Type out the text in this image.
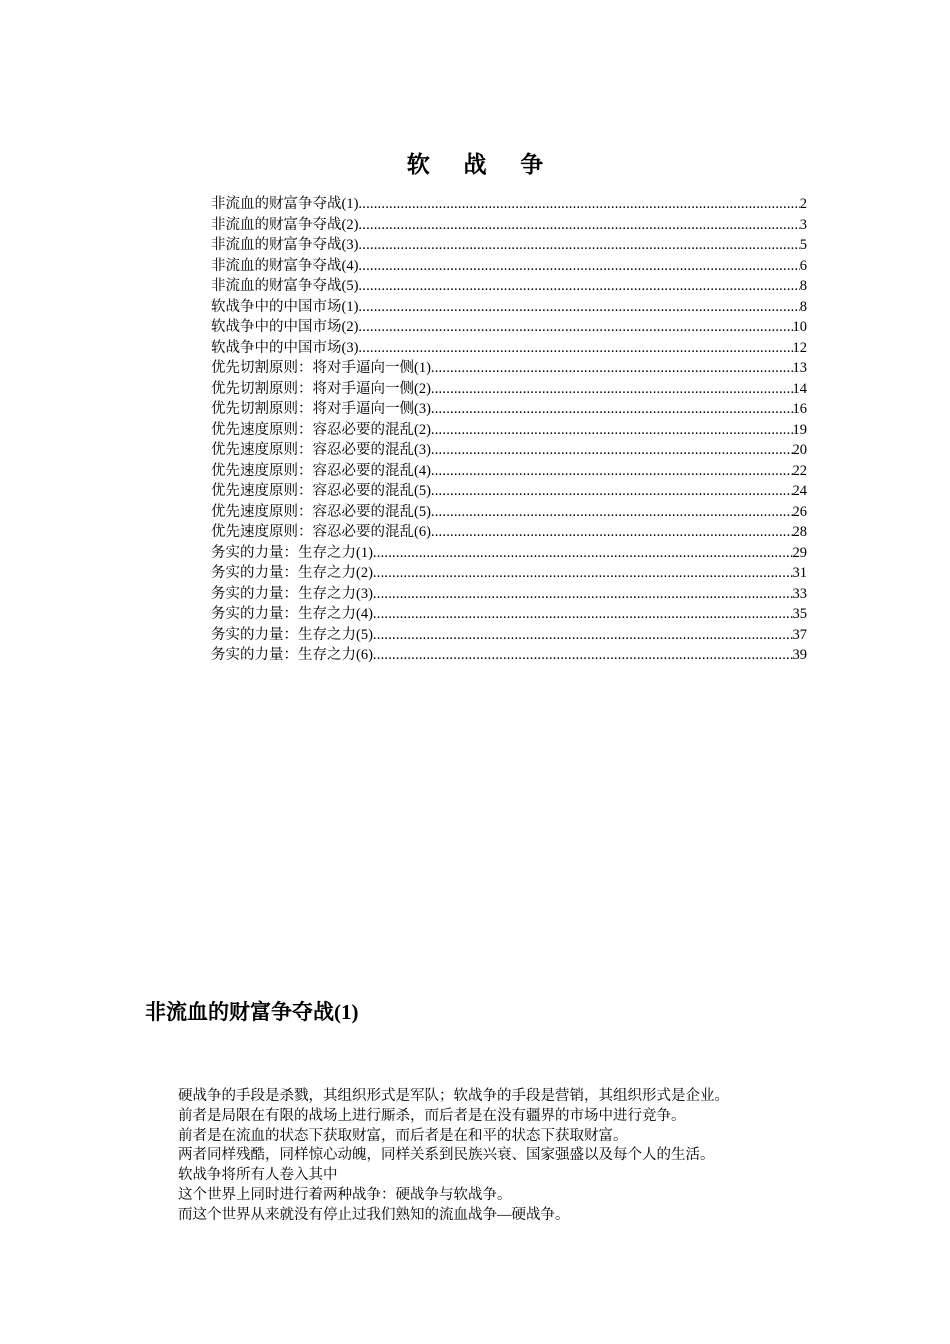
软 战 争
非流血的财富争夺战(1) .....	2
非流血的财富争夺战(2) .....	3
非流血的财富争夺战(3) .....	5
非流血的财富争夺战(4) .....	6
非流血的财富争夺战(5) .....	8
软战争中的中国市场(1) .....	8
软战争中的中国市场(2) .....	10
软战争中的中国市场(3) .....	12
优先切割原则：将对手逼向一侧(1) .....	13
优先切割原则：将对手逼向一侧(2) .....	14
优先切割原则：将对手逼向一侧(3) .....	16
优先速度原则：容忍必要的混乱(2) .....	19
优先速度原则：容忍必要的混乱(3) .....	20
优先速度原则：容忍必要的混乱(4) .....	22
优先速度原则：容忍必要的混乱(5) .....	24
优先速度原则：容忍必要的混乱(5) .....	26
优先速度原则：容忍必要的混乱(6) .....	28
务实的力量：生存之力(1) .....	29
务实的力量：生存之力(2) .....	31
务实的力量：生存之力(3) .....	33
务实的力量：生存之力(4) .....	35
务实的力量：生存之力(5) .....	37
务实的力量：生存之力(6) .....	39
非流血的财富争夺战(1)
硬战争的手段是杀戮，其组织形式是军队；软战争的手段是营销，其组织形式是企业。
前者是局限在有限的战场上进行厮杀，而后者是在没有疆界的市场中进行竞争。
前者是在流血的状态下获取财富，而后者是在和平的状态下获取财富。
两者同样残酷，同样惊心动魄，同样关系到民族兴衰、国家强盛以及每个人的生活。
软战争将所有人卷入其中
这个世界上同时进行着两种战争：硬战争与软战争。
而这个世界从来就没有停止过我们熟知的流血战争—硬战争。
